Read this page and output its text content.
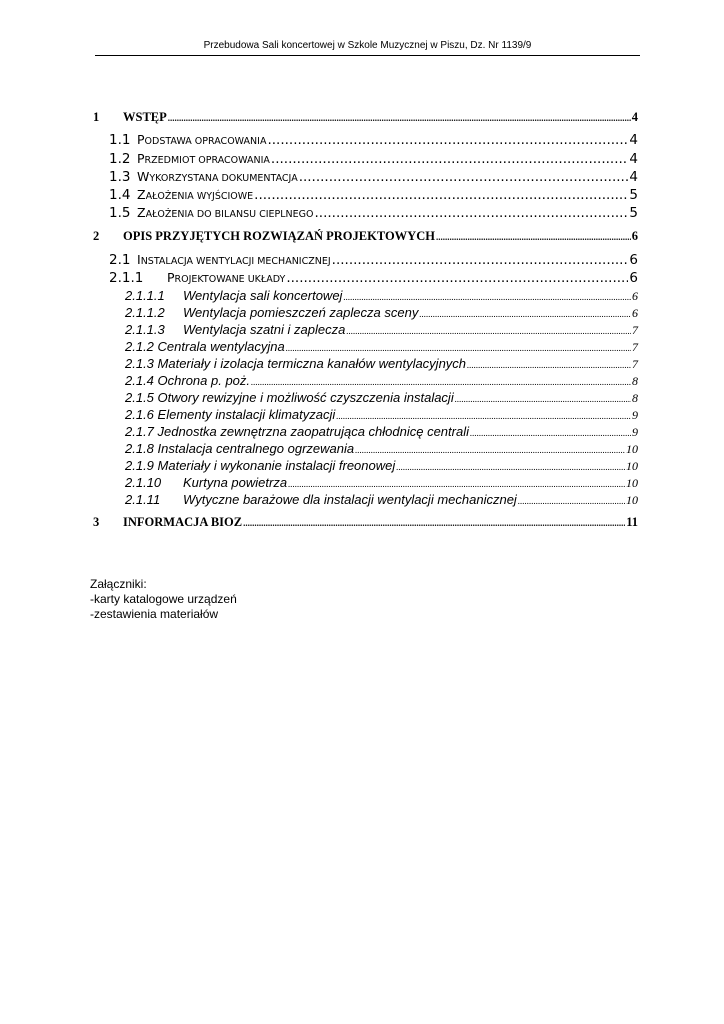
Przebudowa Sali koncertowej w Szkole Muzycznej w Piszu, Dz. Nr 1139/9
1	WSTĘP .....	4
1.1 PODSTAWA OPRACOWANIA .....	4
1.2 PRZEDMIOT OPRACOWANIA .....	4
1.3 WYKORZYSTANA DOKUMENTACJA .....	4
1.4 ZAŁOŻENIA WYJŚCIOWE .....	5
1.5 ZAŁOŻENIA DO BILANSU CIEPLNEGO .....	5
2	OPIS PRZYJĘTYCH ROZWIĄZAŃ PROJEKTOWYCH .....	6
2.1 INSTALACJA WENTYLACJI MECHANICZNEJ .....	6
2.1.1	PROJEKTOWANE UKŁADY .....	6
2.1.1.1 Wentylacja sali koncertowej .....	6
2.1.1.2 Wentylacja pomieszczeń zaplecza sceny .....	6
2.1.1.3 Wentylacja szatni i zaplecza .....	7
2.1.2 Centrala wentylacyjna .....	7
2.1.3 Materiały i izolacja termiczna kanałów wentylacyjnych .....	7
2.1.4 Ochrona p. poż. .....	8
2.1.5 Otwory rewizyjne i możliwość czyszczenia instalacji .....	8
2.1.6 Elementy instalacji klimatyzacji .....	9
2.1.7 Jednostka zewnętrzna zaopatrująca chłodnicę centrali .....	9
2.1.8 Instalacja centralnego ogrzewania .....	10
2.1.9 Materiały i wykonanie instalacji freonowej .....	10
2.1.10 Kurtyna powietrza .....	10
2.1.11 Wytyczne barażowe dla instalacji wentylacji mechanicznej .....	10
3	INFORMACJA BIOZ .....	11
Załączniki:
-karty katalogowe urządzeń
-zestawienia materiałów
